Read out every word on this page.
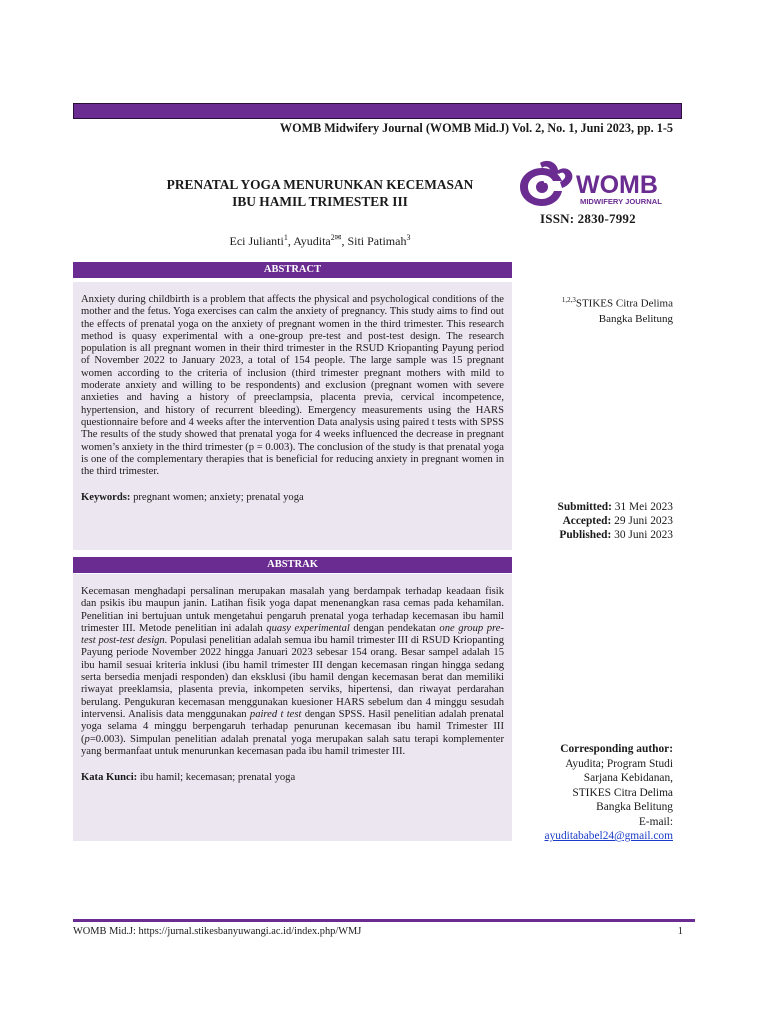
WOMB Midwifery Journal (WOMB Mid.J) Vol. 2, No. 1, Juni 2023, pp. 1-5
PRENATAL YOGA MENURUNKAN KECEMASAN
IBU HAMIL TRIMESTER III
Eci Julianti$^1$, Ayudita$^{2✉}$, Siti Patimah$^3$
WOMB
MIDWIFERY JOURNAL
ISSN: 2830-7992
ABSTRACT

Anxiety during childbirth is a problem that affects the physical and psychological conditions of the mother and the fetus. Yoga exercises can calm the anxiety of pregnancy. This study aims to find out the effects of prenatal yoga on the anxiety of pregnant women in the third trimester. This research method is quasy experimental with a one-group pre-test and post-test design. The research population is all pregnant women in their third trimester in the RSUD Kriopanting Payung period of November 2022 to January 2023, a total of 154 people. The large sample was 15 pregnant women according to the criteria of inclusion (third trimester pregnant mothers with mild to moderate anxiety and willing to be respondents) and exclusion (pregnant women with severe anxieties and having a history of preeclampsia, placenta previa, cervical incompetence, hypertension, and history of recurrent bleeding). Emergency measurements using the HARS questionnaire before and 4 weeks after the intervention Data analysis using paired t tests with SPSS The results of the study showed that prenatal yoga for 4 weeks influenced the decrease in pregnant women’s anxiety in the third trimester (p = 0.003). The conclusion of the study is that prenatal yoga is one of the complementary therapies that is beneficial for reducing anxiety in pregnant women in the third trimester.

Keywords: pregnant women; anxiety; prenatal yoga

ABSTRAK

Kecemasan menghadapi persalinan merupakan masalah yang berdampak terhadap keadaan fisik dan psikis ibu maupun janin. Latihan fisik yoga dapat menenangkan rasa cemas pada kehamilan. Penelitian ini bertujuan untuk mengetahui pengaruh prenatal yoga terhadap kecemasan ibu hamil trimester III. Metode penelitian ini adalah quasy experimental dengan pendekatan one group pre-test post-test design. Populasi penelitian adalah semua ibu hamil trimester III di RSUD Kriopanting Payung periode November 2022 hingga Januari 2023 sebesar 154 orang. Besar sampel adalah 15 ibu hamil sesuai kriteria inklusi (ibu hamil trimester III dengan kecemasan ringan hingga sedang serta bersedia menjadi responden) dan eksklusi (ibu hamil dengan kecemasan berat dan memiliki riwayat preeklamsia, plasenta previa, inkompeten serviks, hipertensi, dan riwayat perdarahan berulang. Pengukuran kecemasan menggunakan kuesioner HARS sebelum dan 4 minggu sesudah intervensi. Analisis data menggunakan paired t test dengan SPSS. Hasil penelitian adalah prenatal yoga selama 4 minggu berpengaruh terhadap penurunan kecemasan ibu hamil Trimester III (p=0.003). Simpulan penelitian adalah prenatal yoga merupakan salah satu terapi komplementer yang bermanfaat untuk menurunkan kecemasan pada ibu hamil trimester III.

Kata Kunci: ibu hamil; kecemasan; prenatal yoga

$^{1,2,3}$STIKES Citra Delima
Bangka Belitung
Submitted: 31 Mei 2023
Accepted: 29 Juni 2023
Published: 30 Juni 2023
Corresponding author:
Ayudita; Program Studi
Sarjana Kebidanan,
STIKES Citra Delima
Bangka Belitung
E-mail:
ayuditababel24@gmail.com
WOMB Mid.J: https://jurnal.stikesbanyuwangi.ac.id/index.php/WMJ	1
